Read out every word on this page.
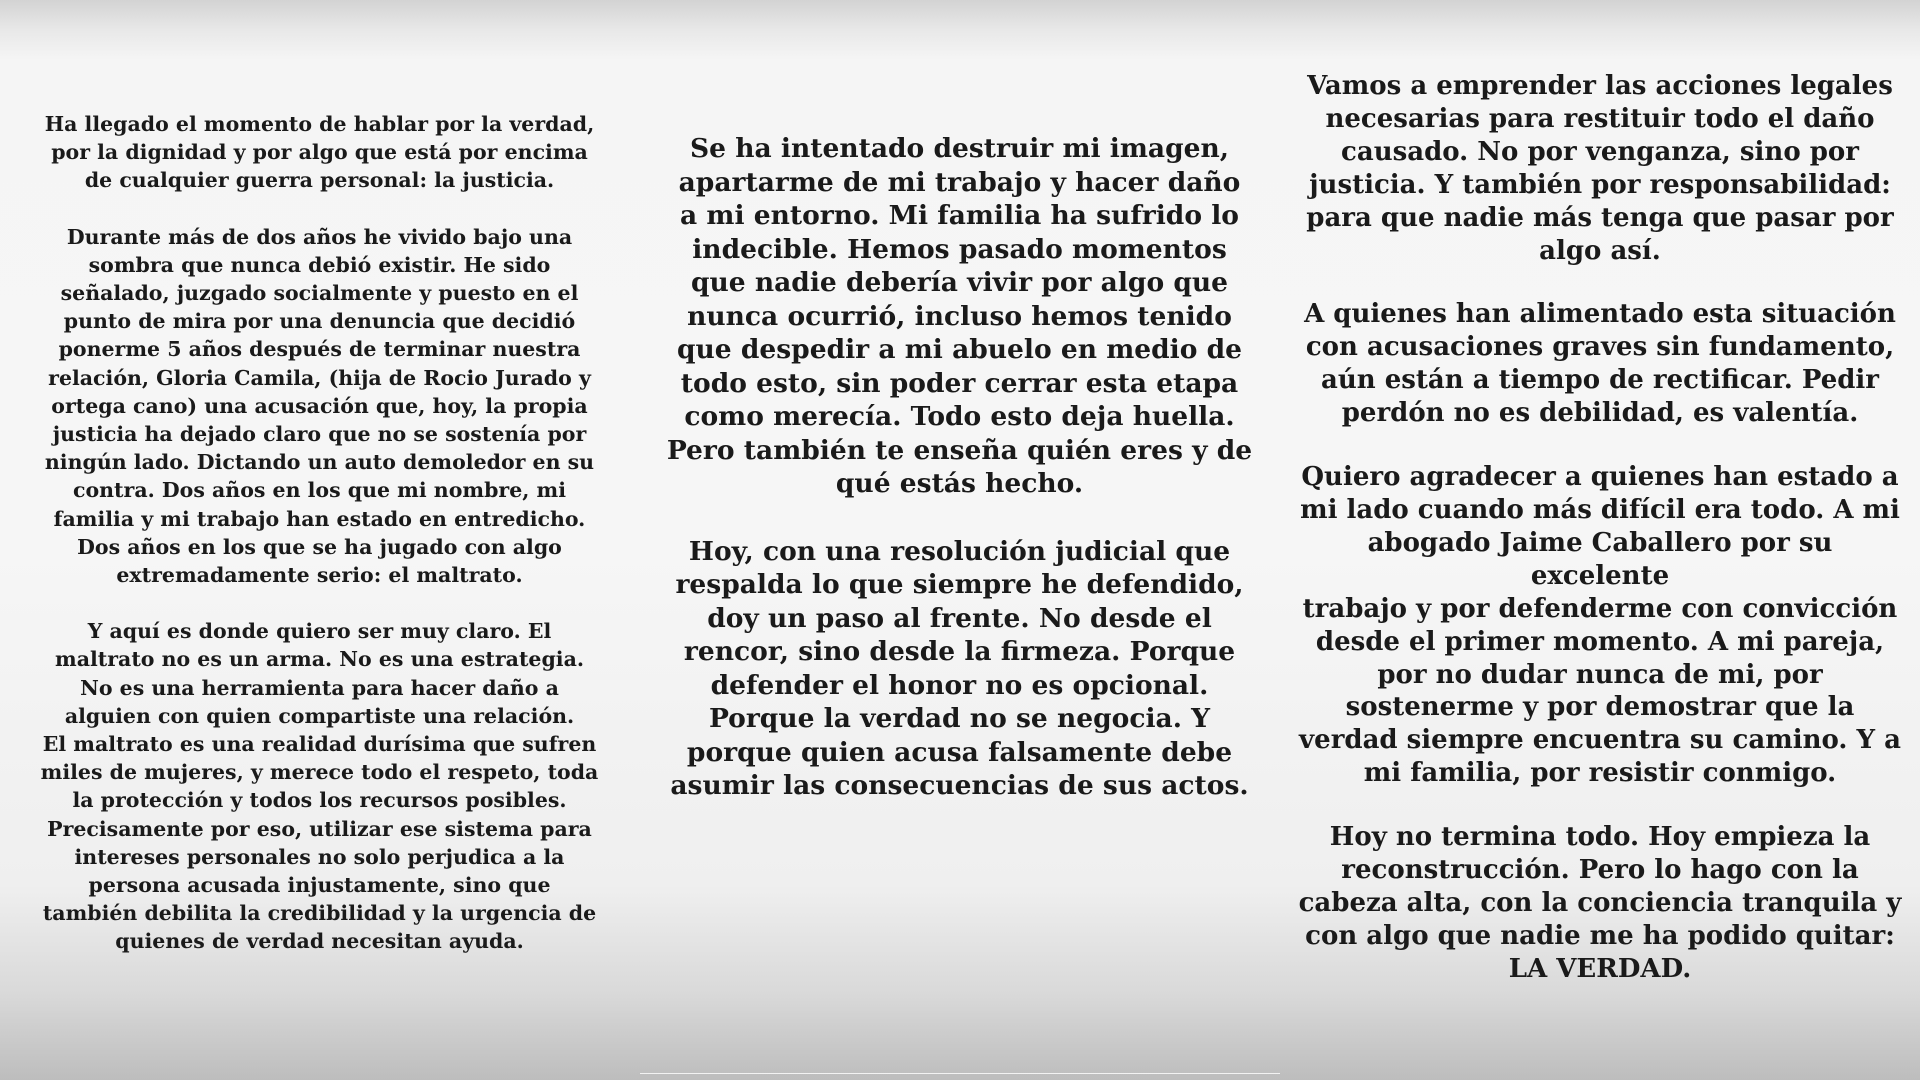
Ha llegado el momento de hablar por la verdad,
por la dignidad y por algo que está por encima
de cualquier guerra personal: la justicia.

Durante más de dos años he vivido bajo una
sombra que nunca debió existir. He sido
señalado, juzgado socialmente y puesto en el
punto de mira por una denuncia que decidió
ponerme 5 años después de terminar nuestra
relación, Gloria Camila, (hija de Rocio Jurado y
ortega cano) una acusación que, hoy, la propia
justicia ha dejado claro que no se sostenía por
ningún lado. Dictando un auto demoledor en su
contra. Dos años en los que mi nombre, mi
familia y mi trabajo han estado en entredicho.
Dos años en los que se ha jugado con algo
extremadamente serio: el maltrato.

Y aquí es donde quiero ser muy claro. El
maltrato no es un arma. No es una estrategia.
No es una herramienta para hacer daño a
alguien con quien compartiste una relación.
El maltrato es una realidad durísima que sufren
miles de mujeres, y merece todo el respeto, toda
la protección y todos los recursos posibles.
Precisamente por eso, utilizar ese sistema para
intereses personales no solo perjudica a la
persona acusada injustamente, sino que
también debilita la credibilidad y la urgencia de
quienes de verdad necesitan ayuda.

Se ha intentado destruir mi imagen,
apartarme de mi trabajo y hacer daño
a mi entorno. Mi familia ha sufrido lo
indecible. Hemos pasado momentos
que nadie debería vivir por algo que
nunca ocurrió, incluso hemos tenido
que despedir a mi abuelo en medio de
todo esto, sin poder cerrar esta etapa
como merecía. Todo esto deja huella.
Pero también te enseña quién eres y de
qué estás hecho.

Hoy, con una resolución judicial que
respalda lo que siempre he defendido,
doy un paso al frente. No desde el
rencor, sino desde la firmeza. Porque
defender el honor no es opcional.
Porque la verdad no se negocia. Y
porque quien acusa falsamente debe
asumir las consecuencias de sus actos.

Vamos a emprender las acciones legales
necesarias para restituir todo el daño
causado. No por venganza, sino por
justicia. Y también por responsabilidad:
para que nadie más tenga que pasar por
algo así.

A quienes han alimentado esta situación
con acusaciones graves sin fundamento,
aún están a tiempo de rectificar. Pedir
perdón no es debilidad, es valentía.

Quiero agradecer a quienes han estado a
mi lado cuando más difícil era todo. A mi
abogado Jaime Caballero por su excelente
trabajo y por defenderme con convicción
desde el primer momento. A mi pareja,
por no dudar nunca de mi, por
sostenerme y por demostrar que la
verdad siempre encuentra su camino. Y a
mi familia, por resistir conmigo.

Hoy no termina todo. Hoy empieza la
reconstrucción. Pero lo hago con la
cabeza alta, con la conciencia tranquila y
con algo que nadie me ha podido quitar:
LA VERDAD.
